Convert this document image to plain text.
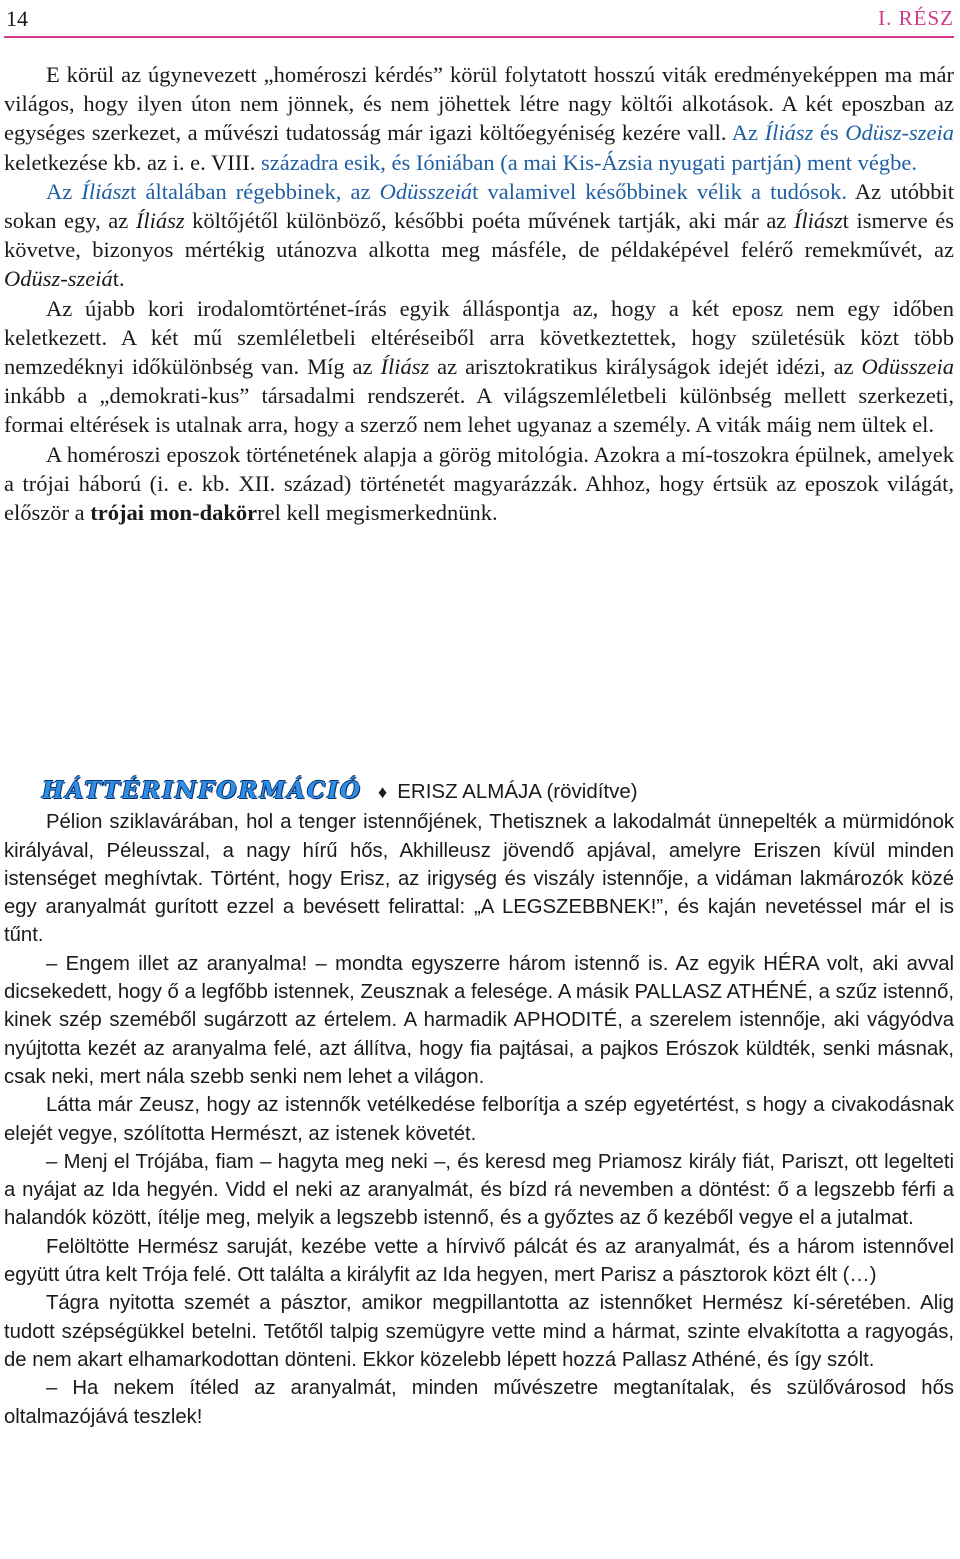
14	I. RÉSZ

E körül az úgynevezett „homéroszi kérdés” körül folytatott hosszú viták eredményeképpen ma már világos, hogy ilyen úton nem jönnek, és nem jöhettek létre nagy költői alkotások. A két eposzban az egységes szerkezet, a művészi tudatosság már igazi költőegyéniség kezére vall. Az Íliász és Odüsz-szeia keletkezése kb. az i. e. VIII. századra esik, és Ióniában (a mai Kis-Ázsia nyugati partján) ment végbe.

Az Íliászt általában régebbinek, az Odüsszeiát valamivel későbbinek vélik a tudósok. Az utóbbit sokan egy, az Íliász költőjétől különböző, későbbi poéta művének tartják, aki már az Íliászt ismerve és követve, bizonyos mértékig utánozva alkotta meg másféle, de példaképével felérő remekművét, az Odüsz-szeiát.

Az újabb kori irodalomtörténet-írás egyik álláspontja az, hogy a két eposz nem egy időben keletkezett. A két mű szemléletbeli eltéréseiből arra következtettek, hogy születésük közt több nemzedéknyi időkülönbség van. Míg az Íliász az arisztokratikus királyságok idejét idézi, az Odüsszeia inkább a „demokrati-kus” társadalmi rendszerét. A világszemléletbeli különbség mellett szerkezeti, formai eltérések is utalnak arra, hogy a szerző nem lehet ugyanaz a személy. A viták máig nem ültek el.

A homéroszi eposzok történetének alapja a görög mitológia. Azokra a mí-toszokra épülnek, amelyek a trójai háború (i. e. kb. XII. század) történetét magyarázzák. Ahhoz, hogy értsük az eposzok világát, először a trójai mon-dakörrel kell megismerkednünk.

HÁTTÉRINFORMÁCIÓ ♦ ERISZ ALMÁJA (rövidítve)

Pélion sziklavárában, hol a tenger istennőjének, Thetisznek a lakodalmát ünnepelték a mürmidónok királyával, Péleusszal, a nagy hírű hős, Akhilleusz jövendő apjával, amelyre Eriszen kívül minden istenséget meghívtak. Történt, hogy Erisz, az irigység és viszály istennője, a vidáman lakmározók közé egy aranyalmát gurított ezzel a bevésett felirattal: „A LEGSZEBBNEK!”, és kaján nevetéssel már el is tűnt.

– Engem illet az aranyalma! – mondta egyszerre három istennő is. Az egyik HÉRA volt, aki avval dicsekedett, hogy ő a legfőbb istennek, Zeusznak a felesége. A másik PALLASZ ATHÉNÉ, a szűz istennő, kinek szép szeméből sugárzott az értelem. A harmadik APHODITÉ, a szerelem istennője, aki vágyódva nyújtotta kezét az aranyalma felé, azt állítva, hogy fia pajtásai, a pajkos Erószok küldték, senki másnak, csak neki, mert nála szebb senki nem lehet a világon.

Látta már Zeusz, hogy az istennők vetélkedése felborítja a szép egyetértést, s hogy a civakodásnak elejét vegye, szólította Hermészt, az istenek követét.

– Menj el Trójába, fiam – hagyta meg neki –, és keresd meg Priamosz király fiát, Pariszt, ott legelteti a nyájat az Ida hegyén. Vidd el neki az aranyalmát, és bízd rá nevemben a döntést: ő a legszebb férfi a halandók között, ítélje meg, melyik a legszebb istennő, és a győztes az ő kezéből vegye el a jutalmat.

Felöltötte Hermész saruját, kezébe vette a hírvivő pálcát és az aranyalmát, és a három istennővel együtt útra kelt Trója felé. Ott találta a királyfit az Ida hegyen, mert Parisz a pásztorok közt élt (…)

Tágra nyitotta szemét a pásztor, amikor megpillantotta az istennőket Hermész kí-séretében. Alig tudott szépségükkel betelni. Tetőtől talpig szemügyre vette mind a hármat, szinte elvakította a ragyogás, de nem akart elhamarkodottan dönteni. Ekkor közelebb lépett hozzá Pallasz Athéné, és így szólt.

– Ha nekem ítéled az aranyalmát, minden művészetre megtanítalak, és szülővárosod hős oltalmazójává teszlek!
